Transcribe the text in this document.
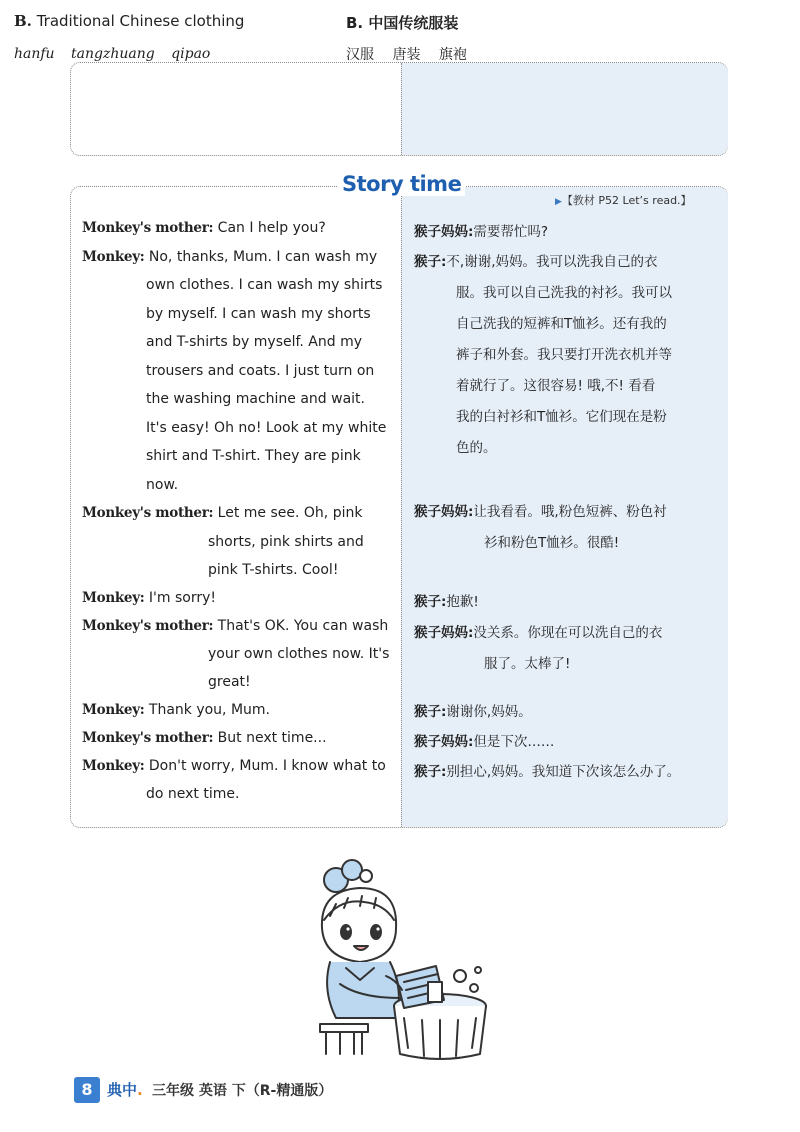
B. Traditional Chinese clothing
hanfu tangzhuang qipao
B. 中国传统服装
汉服 唐装 旗袍
Story time
▶【教材 P52 Let’s read.】
Monkey's mother: Can I help you?
Monkey: No, thanks, Mum. I can wash my
own clothes. I can wash my shirts
by myself. I can wash my shorts
and T-shirts by myself. And my
trousers and coats. I just turn on
the washing machine and wait.
It's easy! Oh no! Look at my white
shirt and T-shirt. They are pink
now.
Monkey's mother: Let me see. Oh, pink
shorts, pink shirts and
pink T-shirts. Cool!
Monkey: I'm sorry!
Monkey's mother: That's OK. You can wash
your own clothes now. It's
great!
Monkey: Thank you, Mum.
Monkey's mother: But next time...
Monkey: Don't worry, Mum. I know what to
do next time.
猴子妈妈:需要帮忙吗?
猴子:不,谢谢,妈妈。我可以洗我自己的衣
服。我可以自己洗我的衬衫。我可以
自己洗我的短裤和T恤衫。还有我的
裤子和外套。我只要打开洗衣机并等
着就行了。这很容易! 哦,不! 看看
我的白衬衫和T恤衫。它们现在是粉
色的。
猴子妈妈:让我看看。哦,粉色短裤、粉色衬
衫和粉色T恤衫。很酷!
猴子:抱歉!
猴子妈妈:没关系。你现在可以洗自己的衣
服了。太棒了!
猴子:谢谢你,妈妈。
猴子妈妈:但是下次……
猴子:别担心,妈妈。我知道下次该怎么办了。
8 典中. 三年级 英语 下（R-精通版）
